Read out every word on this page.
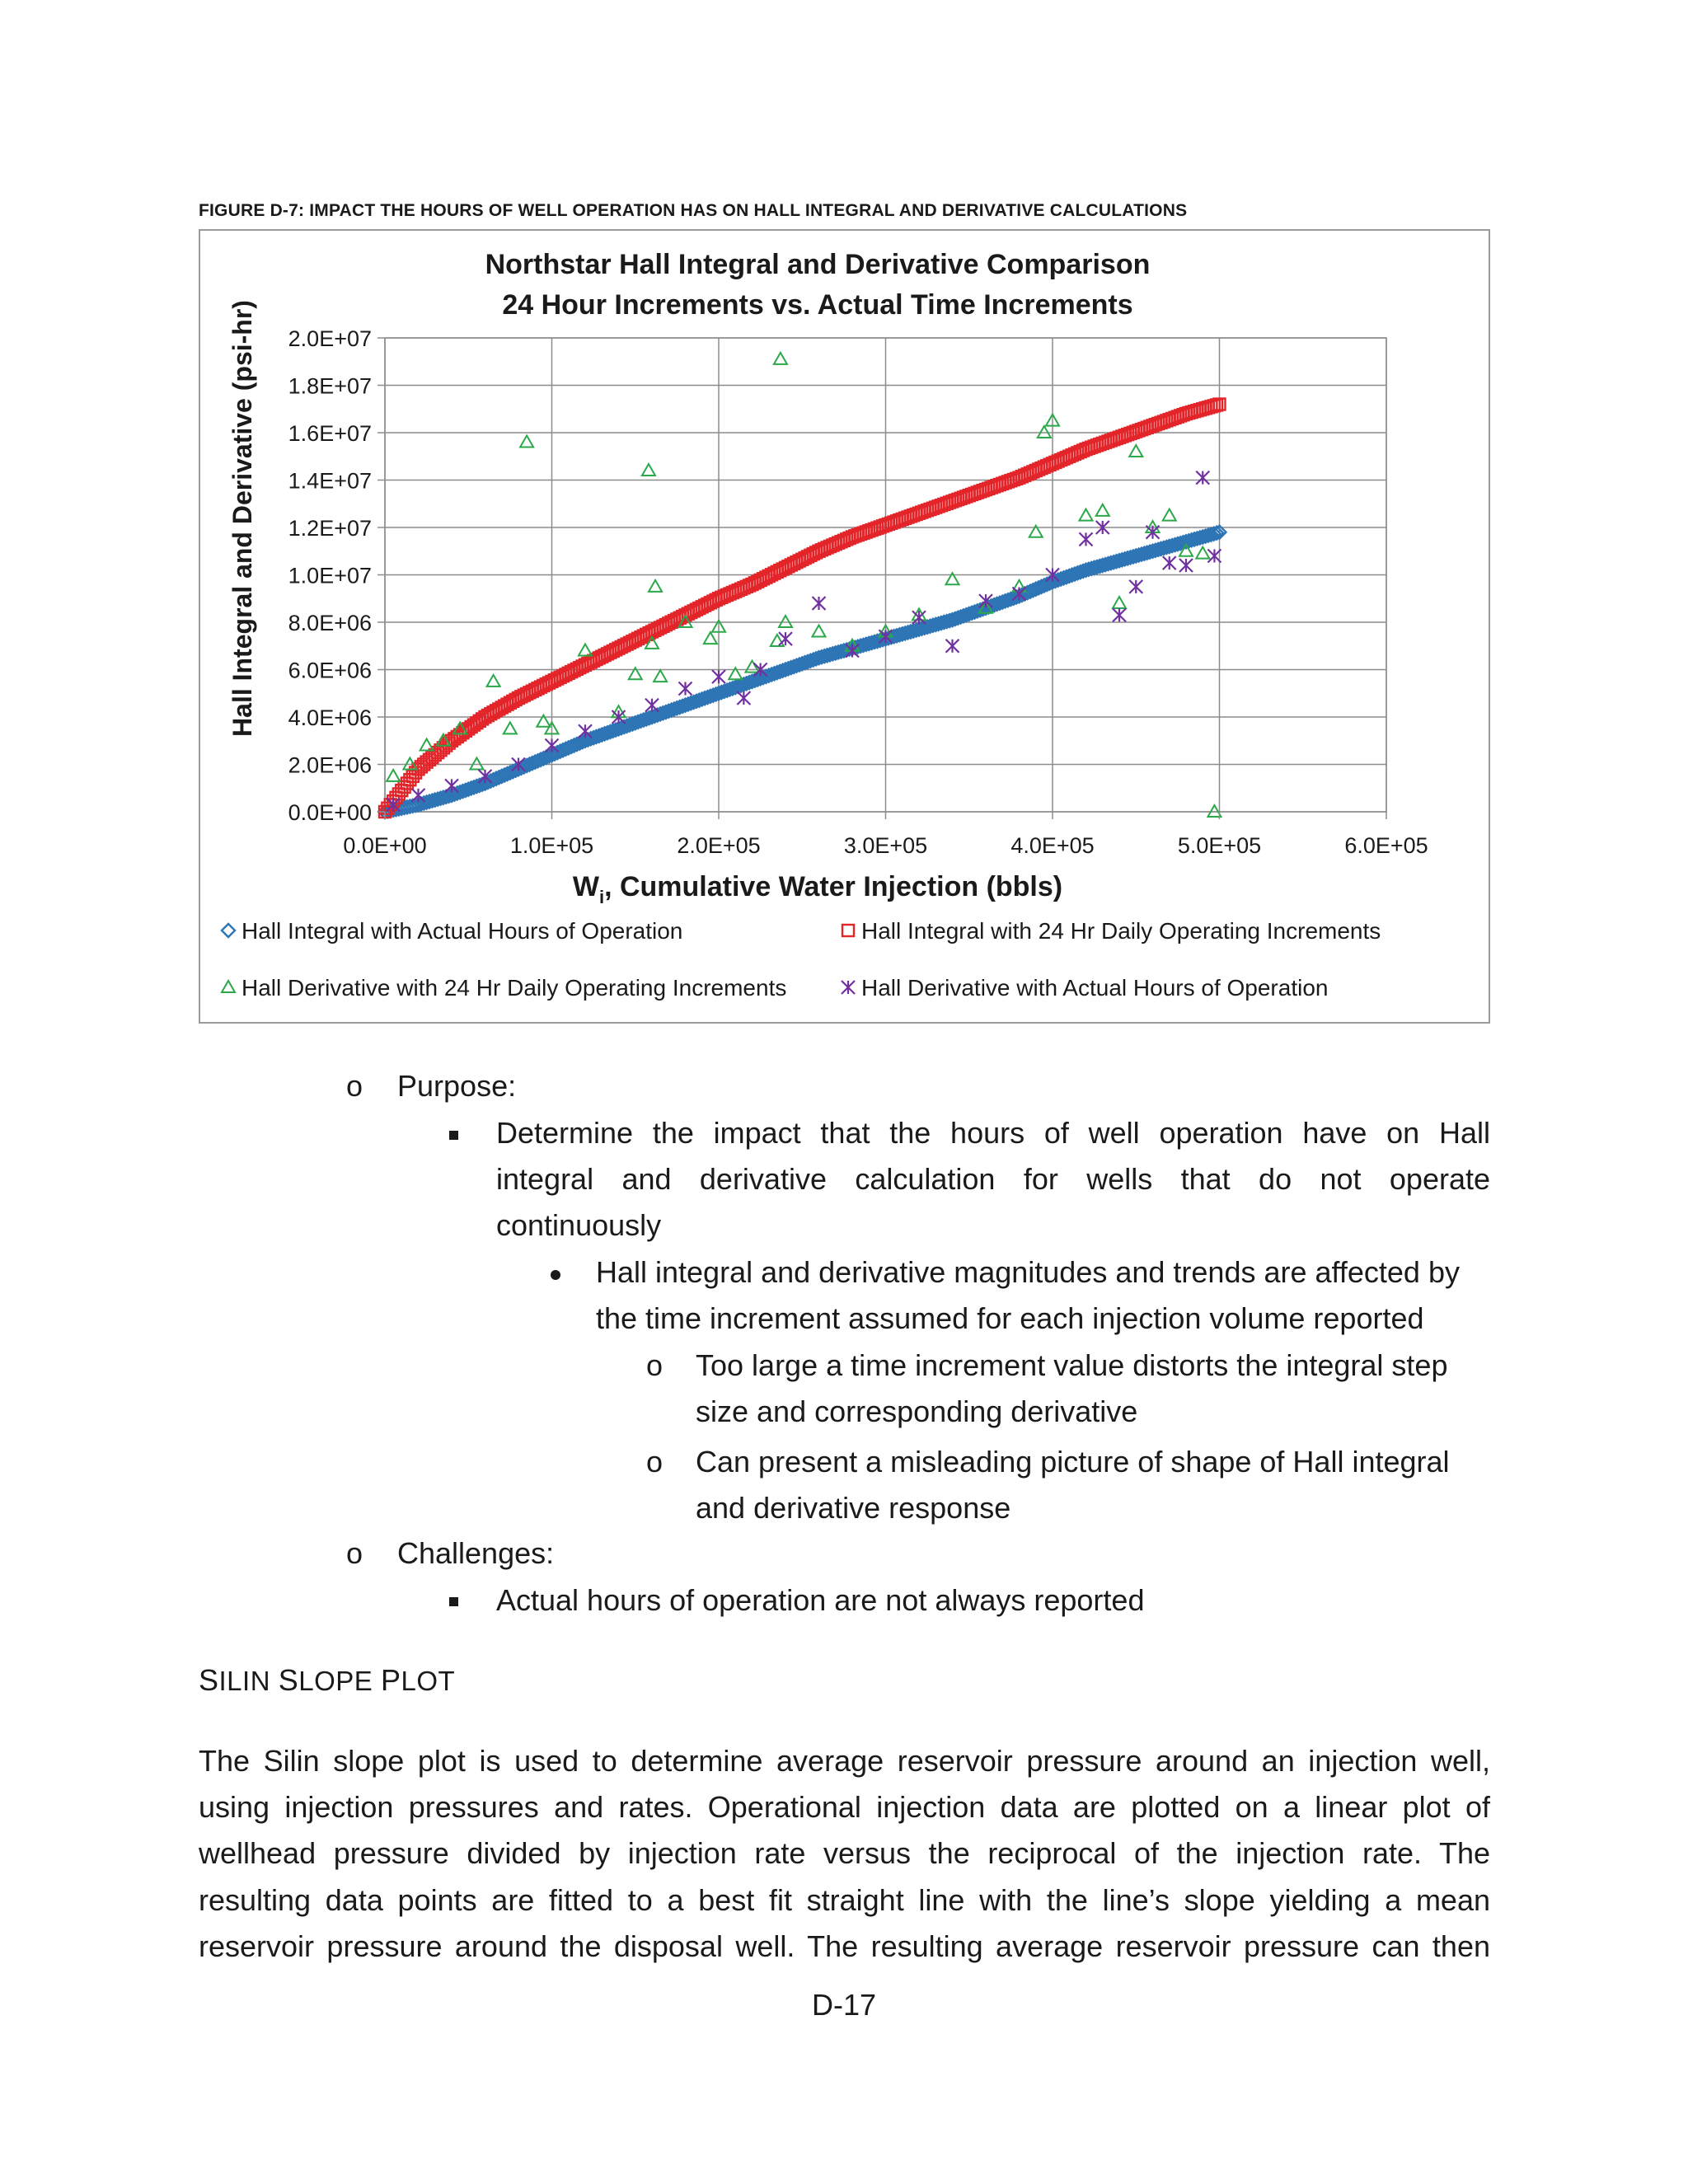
FIGURE D-7: IMPACT THE HOURS OF WELL OPERATION HAS ON HALL INTEGRAL AND DERIVATIVE CALCULATIONS
0.0E+00	1.0E+05	2.0E+05	3.0E+05	4.0E+05	5.0E+05	6.0E+05
0.0E+00
2.0E+06
4.0E+06
6.0E+06
8.0E+06
1.0E+07
1.2E+07
1.4E+07
1.6E+07
1.8E+07
2.0E+07
Northstar Hall Integral and Derivative Comparison
24 Hour Increments vs. Actual Time Increments
Hall Integral and Derivative (psi-hr)
$W_i$, Cumulative Water Injection (bbls)
Hall Integral with Actual Hours of Operation	Hall Integral with 24 Hr Daily Operating Increments
Hall Derivative with 24 Hr Daily Operating Increments	Hall Derivative with Actual Hours of Operation
o Purpose:
Determine the impact that the hours of well operation have on Hall
integral and derivative calculation for wells that do not operate
continuously
Hall integral and derivative magnitudes and trends are affected by
the time increment assumed for each injection volume reported
o Too large a time increment value distorts the integral step
size and corresponding derivative
o Can present a misleading picture of shape of Hall integral
and derivative response
o Challenges:
Actual hours of operation are not always reported
SILIN SLOPE PLOT
The Silin slope plot is used to determine average reservoir pressure around an injection well,
using injection pressures and rates. Operational injection data are plotted on a linear plot of
wellhead pressure divided by injection rate versus the reciprocal of the injection rate. The
resulting data points are fitted to a best fit straight line with the line’s slope yielding a mean
reservoir pressure around the disposal well. The resulting average reservoir pressure can then
D-17
